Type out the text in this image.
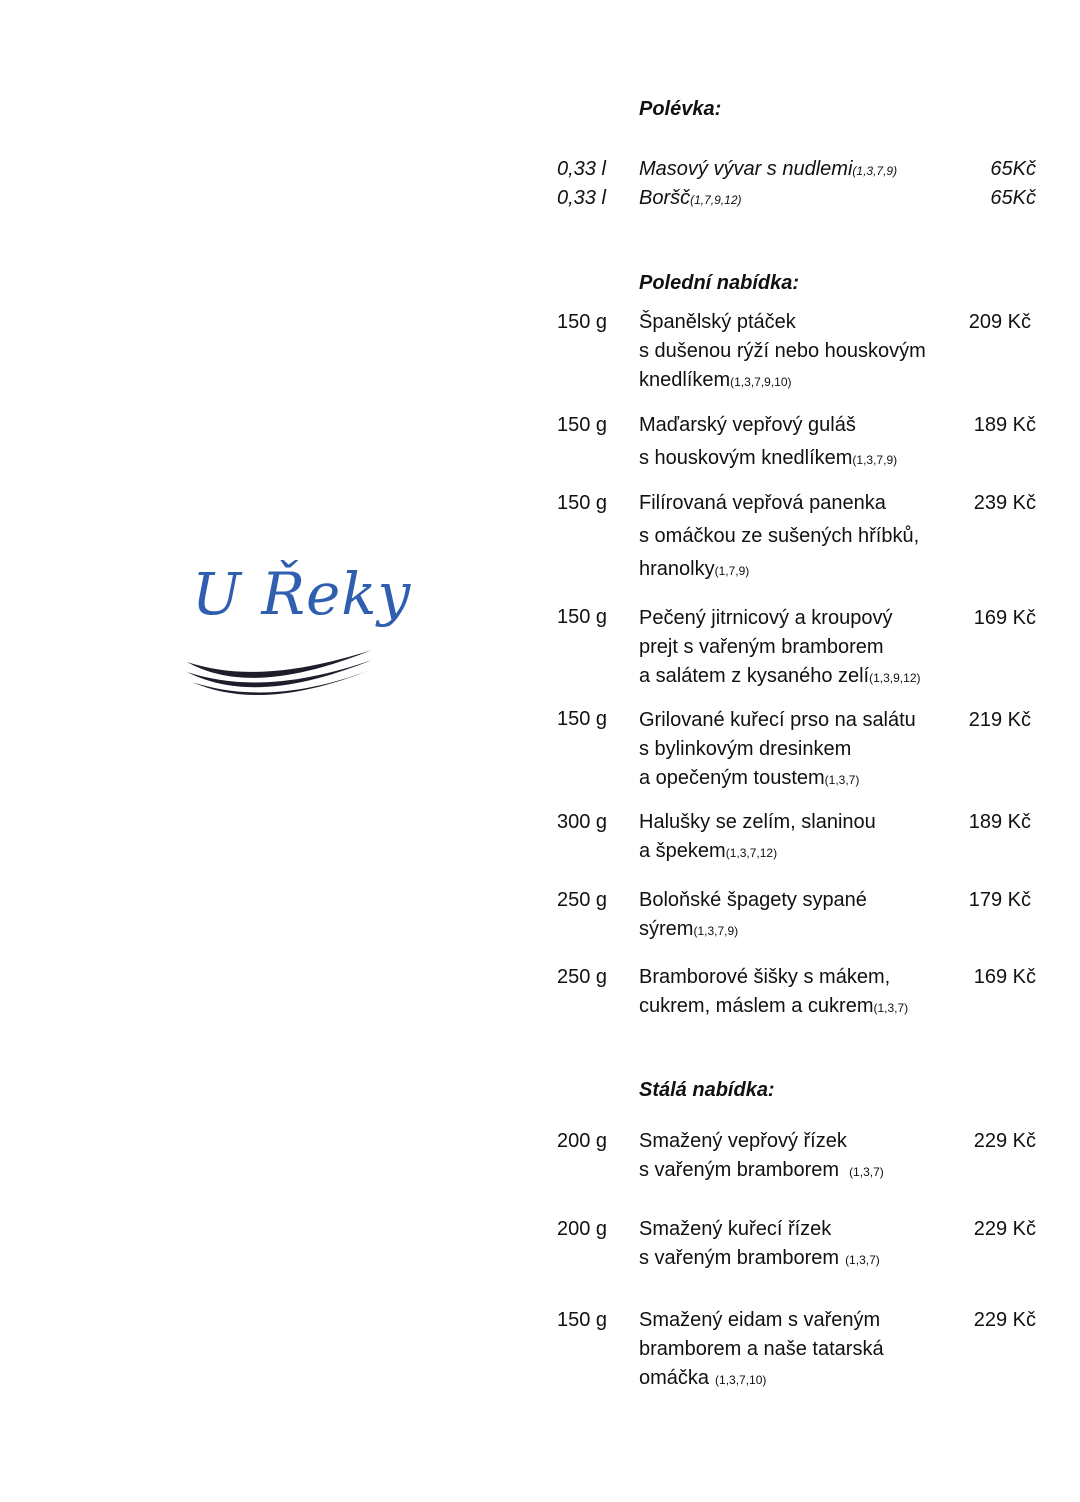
U Řeky
Polévka:
0,33 l Masový vývar s nudlemi(1,3,7,9)	65Kč
0,33 l Boršč(1,7,9,12)	65Kč
Polední nabídka:
150 g Španělský ptáček
s dušenou rýží nebo houskovým
knedlíkem(1,3,7,9,10)
209 Kč
150 g Maďarský vepřový guláš
s houskovým knedlíkem(1,3,7,9)
189 Kč
150 g Filírovaná vepřová panenka
s omáčkou ze sušených hříbků,
hranolky(1,7,9)
239 Kč
150 g Pečený jitrnicový a kroupový
prejt s vařeným bramborem
a salátem z kysaného zelí(1,3,9,12)
169 Kč
150 g Grilované kuřecí prso na salátu
s bylinkovým dresinkem
a opečeným toustem(1,3,7)
219 Kč
300 g Halušky se zelím, slaninou
a špekem(1,3,7,12)
189 Kč
250 g Boloňské špagety sypané
sýrem(1,3,7,9)
179 Kč
250 g Bramborové šišky s mákem,
cukrem, máslem a cukrem(1,3,7)
169 Kč
Stálá nabídka:
200 g Smažený vepřový řízek
s vařeným bramborem (1,3,7)
229 Kč
200 g Smažený kuřecí řízek
s vařeným bramborem (1,3,7)
229 Kč
150 g Smažený eidam s vařeným
bramborem a naše tatarská
omáčka (1,3,7,10)
229 Kč
